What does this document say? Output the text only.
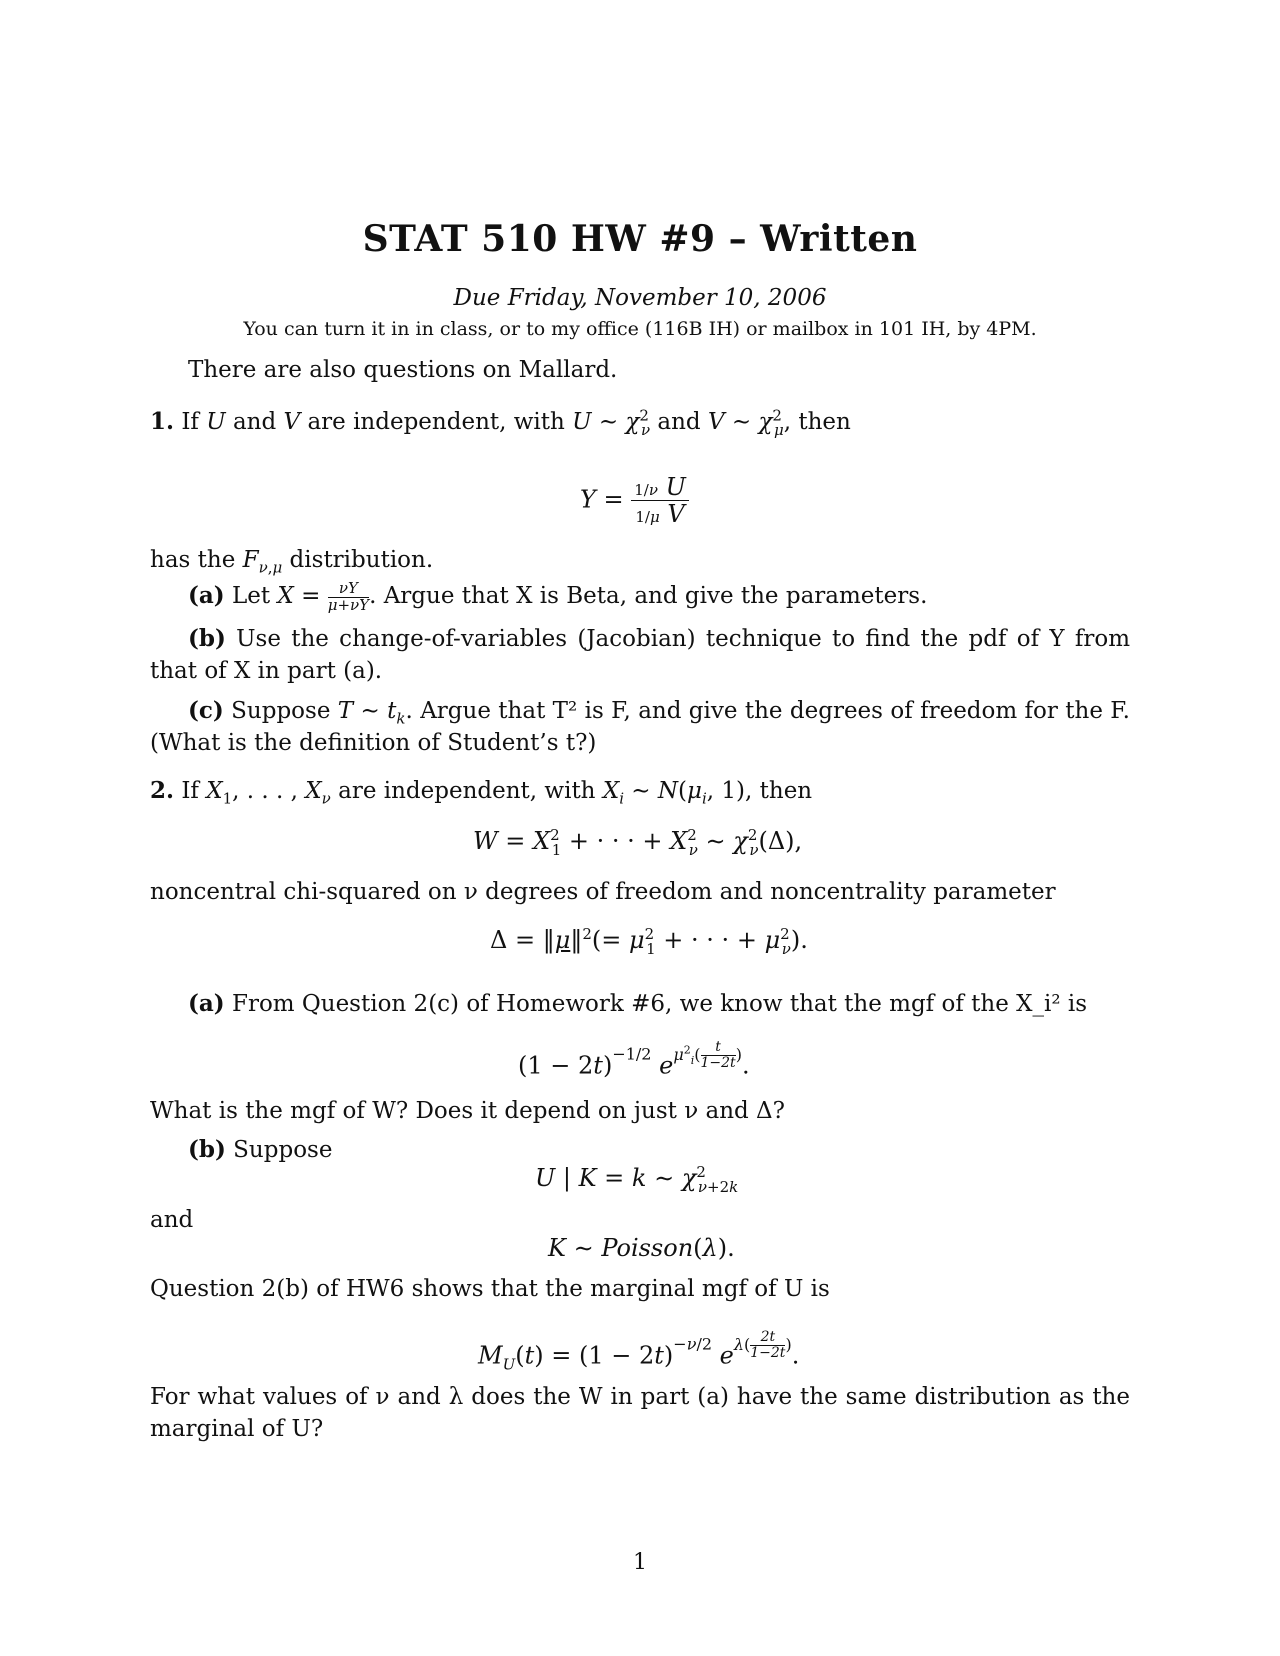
STAT 510 HW #9 – Written
Due Friday, November 10, 2006
You can turn it in in class, or to my office (116B IH) or mailbox in 101 IH, by 4PM.
There are also questions on Mallard.
1. If U and V are independent, with U ∼ $\chi^2_\nu$ and V ∼ $\chi^2_\mu$, then
$Y = \frac{\text{1/ν U}}{\text{1/μ V}}$
has the $F_{\nu,\mu}$ distribution.
(a) Let $X = \frac{\nu Y}{\mu+\nu Y}$ . Argue that X is Beta, and give the parameters.
(b) Use the change-of-variables (Jacobian) technique to find the pdf of Y from that of X in part (a).
(c) Suppose T ∼ $t_k$. Argue that T² is F, and give the degrees of freedom for the F. (What is the definition of Student’s t?)
2. If $X_1$, . . . , $X_\nu$ are independent, with $X_i$ ∼ $N(\mu_i$, 1), then
$W = X^2_1$ + · · · + $X^2_\nu$ ∼ $\chi^2_\nu(\Delta)$,
noncentral chi-squared on ν degrees of freedom and noncentrality parameter
Δ = ‖μ‖$^2$(= $\mu^2_1$ + · · · + $\mu^2_\nu$).
(a) From Question 2(c) of Homework #6, we know that the mgf of the X_i² is
$(1 - 2t)^{-1/2}$ $e^{\mu^2_i( \frac{t}{1-2t} )}$.
What is the mgf of W? Does it depend on just ν and Δ?
(b) Suppose
U | K = k ∼ $\chi^2_{\nu+2k}$
and
K ∼ Poisson(λ).
Question 2(b) of HW6 shows that the marginal mgf of U is
$M_U(t) = (1 - 2t)^{-\nu/2}$ $e^{\lambda( \frac{2t}{1-2t} )}$.
For what values of ν and λ does the W in part (a) have the same distribution as the marginal of U?
1
